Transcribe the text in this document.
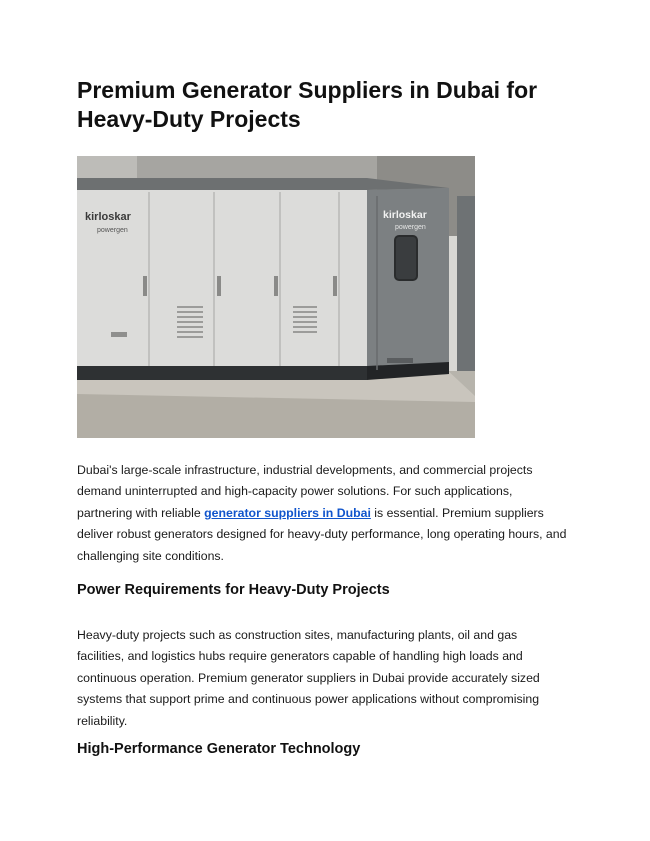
Premium Generator Suppliers in Dubai for Heavy-Duty Projects
kirloskar
powergen
kirloskar
powergen

Dubai's large-scale infrastructure, industrial developments, and commercial projects demand uninterrupted and high-capacity power solutions. For such applications, partnering with reliable generator suppliers in Dubai is essential. Premium suppliers deliver robust generators designed for heavy-duty performance, long operating hours, and challenging site conditions.

Power Requirements for Heavy-Duty Projects

Heavy-duty projects such as construction sites, manufacturing plants, oil and gas facilities, and logistics hubs require generators capable of handling high loads and continuous operation. Premium generator suppliers in Dubai provide accurately sized systems that support prime and continuous power applications without compromising reliability.

High-Performance Generator Technology
